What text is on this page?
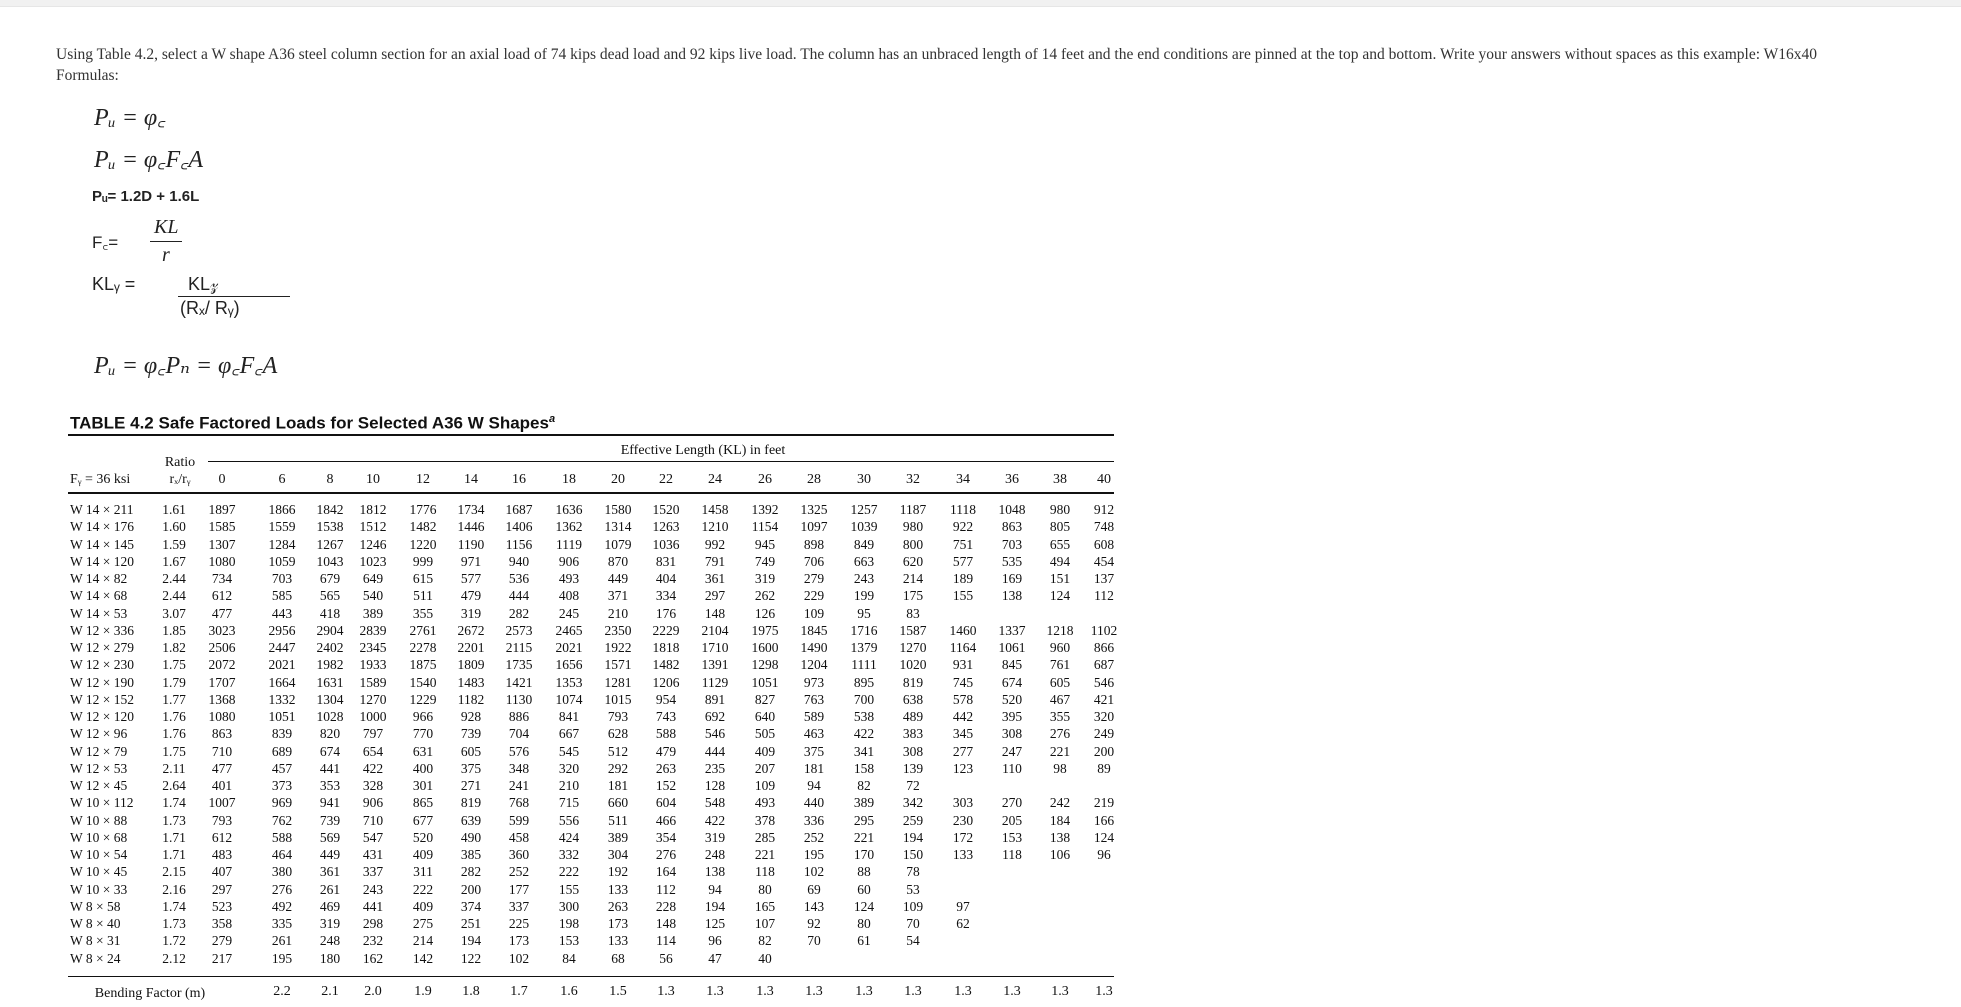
Using Table 4.2, select a W shape A36 steel column section for an axial load of 74 kips dead load and 92 kips live load. The column has an unbraced length of 14 feet and the end conditions are pinned at the top and bottom. Write your answers without spaces as this example: W16x40
Formulas:
Pᵤ = φ꜀
Pᵤ = φ꜀F꜀A
Pᵤ= 1.2D + 1.6L
F꜀=
KL
r
KLᵧ =	KL𝓏
(Rₓ/ Rᵧ)
Pᵤ = φ꜀Pₙ = φ꜀F꜀A
TABLE 4.2 Safe Factored Loads for Selected A36 W Shapes$^a$
Effective Length (KL) in feet
Ratio
Fᵧ = 36 ksi	rₓ/rᵧ	0	6	8	10	12	14	16	18	20	22	24	26	28	30	32	34	36	38	40
W 14 × 211	1.61	1897	1866	1842	1812	1776	1734	1687	1636	1580	1520	1458	1392	1325	1257	1187	1118	1048	980	912
W 14 × 176	1.60	1585	1559	1538	1512	1482	1446	1406	1362	1314	1263	1210	1154	1097	1039	980	922	863	805	748
W 14 × 145	1.59	1307	1284	1267	1246	1220	1190	1156	1119	1079	1036	992	945	898	849	800	751	703	655	608
W 14 × 120	1.67	1080	1059	1043	1023	999	971	940	906	870	831	791	749	706	663	620	577	535	494	454
W 14 × 82	2.44	734	703	679	649	615	577	536	493	449	404	361	319	279	243	214	189	169	151	137
W 14 × 68	2.44	612	585	565	540	511	479	444	408	371	334	297	262	229	199	175	155	138	124	112
W 14 × 53	3.07	477	443	418	389	355	319	282	245	210	176	148	126	109	95	83
W 12 × 336	1.85	3023	2956	2904	2839	2761	2672	2573	2465	2350	2229	2104	1975	1845	1716	1587	1460	1337	1218	1102
W 12 × 279	1.82	2506	2447	2402	2345	2278	2201	2115	2021	1922	1818	1710	1600	1490	1379	1270	1164	1061	960	866
W 12 × 230	1.75	2072	2021	1982	1933	1875	1809	1735	1656	1571	1482	1391	1298	1204	1111	1020	931	845	761	687
W 12 × 190	1.79	1707	1664	1631	1589	1540	1483	1421	1353	1281	1206	1129	1051	973	895	819	745	674	605	546
W 12 × 152	1.77	1368	1332	1304	1270	1229	1182	1130	1074	1015	954	891	827	763	700	638	578	520	467	421
W 12 × 120	1.76	1080	1051	1028	1000	966	928	886	841	793	743	692	640	589	538	489	442	395	355	320
W 12 × 96	1.76	863	839	820	797	770	739	704	667	628	588	546	505	463	422	383	345	308	276	249
W 12 × 79	1.75	710	689	674	654	631	605	576	545	512	479	444	409	375	341	308	277	247	221	200
W 12 × 53	2.11	477	457	441	422	400	375	348	320	292	263	235	207	181	158	139	123	110	98	89
W 12 × 45	2.64	401	373	353	328	301	271	241	210	181	152	128	109	94	82	72
W 10 × 112	1.74	1007	969	941	906	865	819	768	715	660	604	548	493	440	389	342	303	270	242	219
W 10 × 88	1.73	793	762	739	710	677	639	599	556	511	466	422	378	336	295	259	230	205	184	166
W 10 × 68	1.71	612	588	569	547	520	490	458	424	389	354	319	285	252	221	194	172	153	138	124
W 10 × 54	1.71	483	464	449	431	409	385	360	332	304	276	248	221	195	170	150	133	118	106	96
W 10 × 45	2.15	407	380	361	337	311	282	252	222	192	164	138	118	102	88	78
W 10 × 33	2.16	297	276	261	243	222	200	177	155	133	112	94	80	69	60	53
W 8 × 58	1.74	523	492	469	441	409	374	337	300	263	228	194	165	143	124	109	97
W 8 × 40	1.73	358	335	319	298	275	251	225	198	173	148	125	107	92	80	70	62
W 8 × 31	1.72	279	261	248	232	214	194	173	153	133	114	96	82	70	61	54
W 8 × 24	2.12	217	195	180	162	142	122	102	84	68	56	47	40
Bending Factor (m)	2.2	2.1	2.0	1.9	1.8	1.7	1.6	1.5	1.3	1.3	1.3	1.3	1.3	1.3	1.3	1.3	1.3	1.3
